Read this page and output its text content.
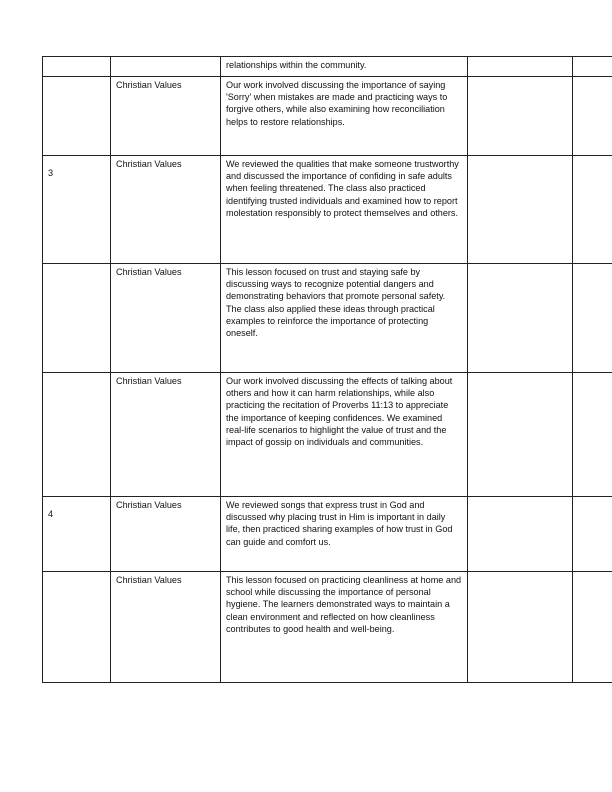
		relationships within the community.		

	Christian Values	Our work involved discussing the importance of saying 'Sorry' when mistakes are made and practicing ways to forgive others, while also examining how reconciliation helps to restore relationships.		

3	Christian Values	We reviewed the qualities that make someone trustworthy and discussed the importance of confiding in safe adults when feeling threatened. The class also practiced identifying trusted individuals and examined how to report molestation responsibly to protect themselves and others.		

	Christian Values	This lesson focused on trust and staying safe by discussing ways to recognize potential dangers and demonstrating behaviors that promote personal safety. The class also applied these ideas through practical examples to reinforce the importance of protecting oneself.		

	Christian Values	Our work involved discussing the effects of talking about others and how it can harm relationships, while also practicing the recitation of Proverbs 11:13 to appreciate the importance of keeping confidences. We examined real-life scenarios to highlight the value of trust and the impact of gossip on individuals and communities.		

4	Christian Values	We reviewed songs that express trust in God and discussed why placing trust in Him is important in daily life, then practiced sharing examples of how trust in God can guide and comfort us.		

	Christian Values	This lesson focused on practicing cleanliness at home and school while discussing the importance of personal hygiene. The learners demonstrated ways to maintain a clean environment and reflected on how cleanliness contributes to good health and well-being.		
